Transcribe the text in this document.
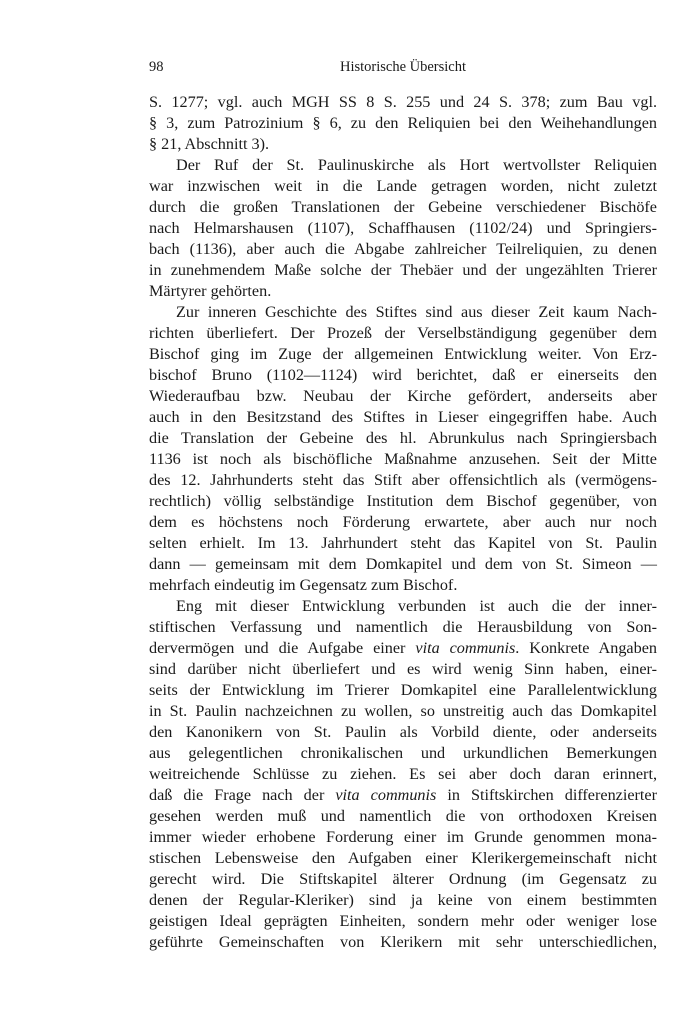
98	Historische Übersicht
S. 1277; vgl. auch MGH SS 8 S. 255 und 24 S. 378; zum Bau vgl.
§ 3, zum Patrozinium § 6, zu den Reliquien bei den Weihehandlungen
§ 21, Abschnitt 3).
Der Ruf der St. Paulinuskirche als Hort wertvollster Reliquien
war inzwischen weit in die Lande getragen worden, nicht zuletzt
durch die großen Translationen der Gebeine verschiedener Bischöfe
nach Helmarshausen (1107), Schaffhausen (1102/24) und Springiers-
bach (1136), aber auch die Abgabe zahlreicher Teilreliquien, zu denen
in zunehmendem Maße solche der Thebäer und der ungezählten Trierer
Märtyrer gehörten.
Zur inneren Geschichte des Stiftes sind aus dieser Zeit kaum Nach-
richten überliefert. Der Prozeß der Verselbständigung gegenüber dem
Bischof ging im Zuge der allgemeinen Entwicklung weiter. Von Erz-
bischof Bruno (1102—1124) wird berichtet, daß er einerseits den
Wiederaufbau bzw. Neubau der Kirche gefördert, anderseits aber
auch in den Besitzstand des Stiftes in Lieser eingegriffen habe. Auch
die Translation der Gebeine des hl. Abrunkulus nach Springiersbach
1136 ist noch als bischöfliche Maßnahme anzusehen. Seit der Mitte
des 12. Jahrhunderts steht das Stift aber offensichtlich als (vermögens-
rechtlich) völlig selbständige Institution dem Bischof gegenüber, von
dem es höchstens noch Förderung erwartete, aber auch nur noch
selten erhielt. Im 13. Jahrhundert steht das Kapitel von St. Paulin
dann — gemeinsam mit dem Domkapitel und dem von St. Simeon —
mehrfach eindeutig im Gegensatz zum Bischof.
Eng mit dieser Entwicklung verbunden ist auch die der inner-
stiftischen Verfassung und namentlich die Herausbildung von Son-
dervermögen und die Aufgabe einer vita communis. Konkrete Angaben
sind darüber nicht überliefert und es wird wenig Sinn haben, einer-
seits der Entwicklung im Trierer Domkapitel eine Parallelentwicklung
in St. Paulin nachzeichnen zu wollen, so unstreitig auch das Domkapitel
den Kanonikern von St. Paulin als Vorbild diente, oder anderseits
aus gelegentlichen chronikalischen und urkundlichen Bemerkungen
weitreichende Schlüsse zu ziehen. Es sei aber doch daran erinnert,
daß die Frage nach der vita communis in Stiftskirchen differenzierter
gesehen werden muß und namentlich die von orthodoxen Kreisen
immer wieder erhobene Forderung einer im Grunde genommen mona-
stischen Lebensweise den Aufgaben einer Klerikergemeinschaft nicht
gerecht wird. Die Stiftskapitel älterer Ordnung (im Gegensatz zu
denen der Regular-Kleriker) sind ja keine von einem bestimmten
geistigen Ideal geprägten Einheiten, sondern mehr oder weniger lose
geführte Gemeinschaften von Klerikern mit sehr unterschiedlichen,
